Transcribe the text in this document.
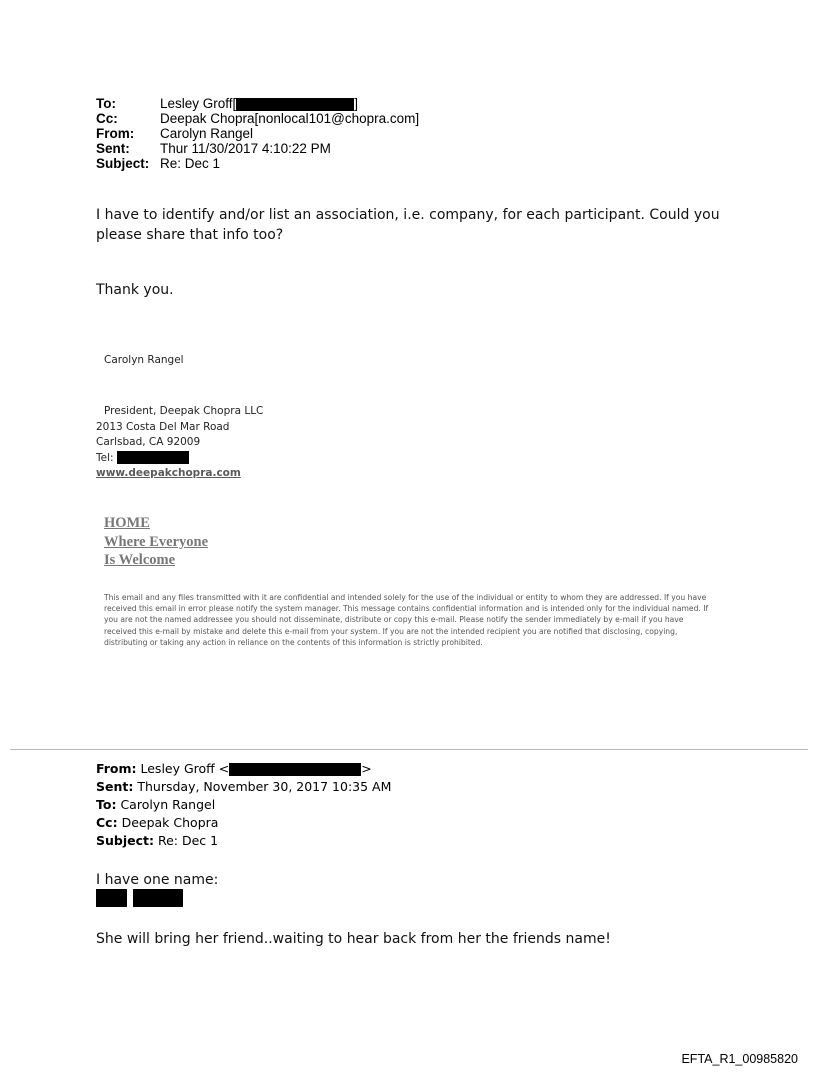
To:	Lesley Groff[	]
Cc:	Deepak Chopra[nonlocal101@chopra.com]
From:	Carolyn Rangel
Sent:	Thur 11/30/2017 4:10:22 PM
Subject: Re: Dec 1
I have to identify and/or list an association, i.e. company, for each participant. Could you please share that info too?
Thank you.
Carolyn Rangel
President, Deepak Chopra LLC
2013 Costa Del Mar Road
Carlsbad, CA 92009
Tel:
www.deepakchopra.com
HOME
Where Everyone
Is Welcome
This email and any files transmitted with it are confidential and intended solely for the use of the individual or entity to whom they are addressed. If you have received this email in error please notify the system manager. This message contains confidential information and is intended only for the individual named. If you are not the named addressee you should not disseminate, distribute or copy this e-mail. Please notify the sender immediately by e-mail if you have received this e-mail by mistake and delete this e-mail from your system. If you are not the intended recipient you are notified that disclosing, copying, distributing or taking any action in reliance on the contents of this information is strictly prohibited.
From: Lesley Groff <	>
Sent: Thursday, November 30, 2017 10:35 AM
To: Carolyn Rangel
Cc: Deepak Chopra
Subject: Re: Dec 1
I have one name:

She will bring her friend..waiting to hear back from her the friends name!
EFTA_R1_00985820
